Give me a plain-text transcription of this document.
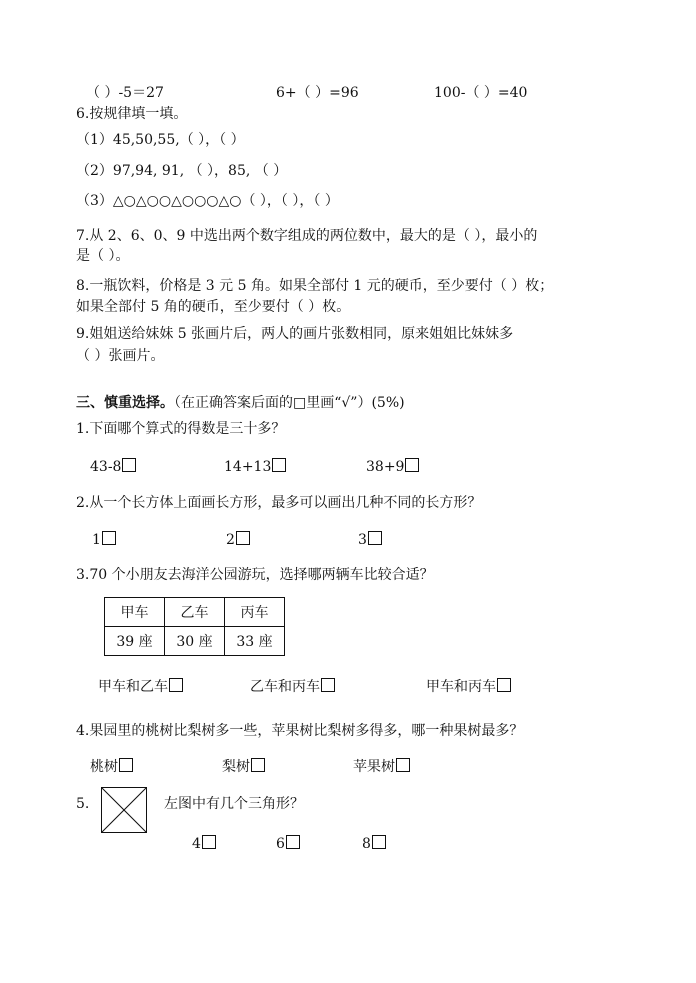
（ ）-5＝27	6+（ ）=96	100-（ ）=40
6.按规律填一填。
（1）45,50,55,（ ），（ ）
（2）97,94, 91, （ ），85, （ ）
（3）△○△○○△○○○△○（ ），（ ），（ ）
7.从 2、6、0、9 中选出两个数字组成的两位数中，最大的是（ ），最小的
是（ ）。
8.一瓶饮料，价格是 3 元 5 角。如果全部付 1 元的硬币，至少要付（ ）枚；
如果全部付 5 角的硬币，至少要付（ ）枚。
9.姐姐送给妹妹 5 张画片后，两人的画片张数相同，原来姐姐比妹妹多
（ ）张画片。
三、慎重选择。（在正确答案后面的□里画“√”）(5%)
1.下面哪个算式的得数是三十多？
43-8	14+13	38+9
2.从一个长方体上面画长方形，最多可以画出几种不同的长方形？
1	2	3
3.70 个小朋友去海洋公园游玩，选择哪两辆车比较合适？
甲车	乙车	丙车
39 座	30 座	33 座
甲车和乙车	乙车和丙车	甲车和丙车
4.果园里的桃树比梨树多一些，苹果树比梨树多得多，哪一种果树最多？
桃树	梨树	苹果树
5.	左图中有几个三角形？
4	6	8
